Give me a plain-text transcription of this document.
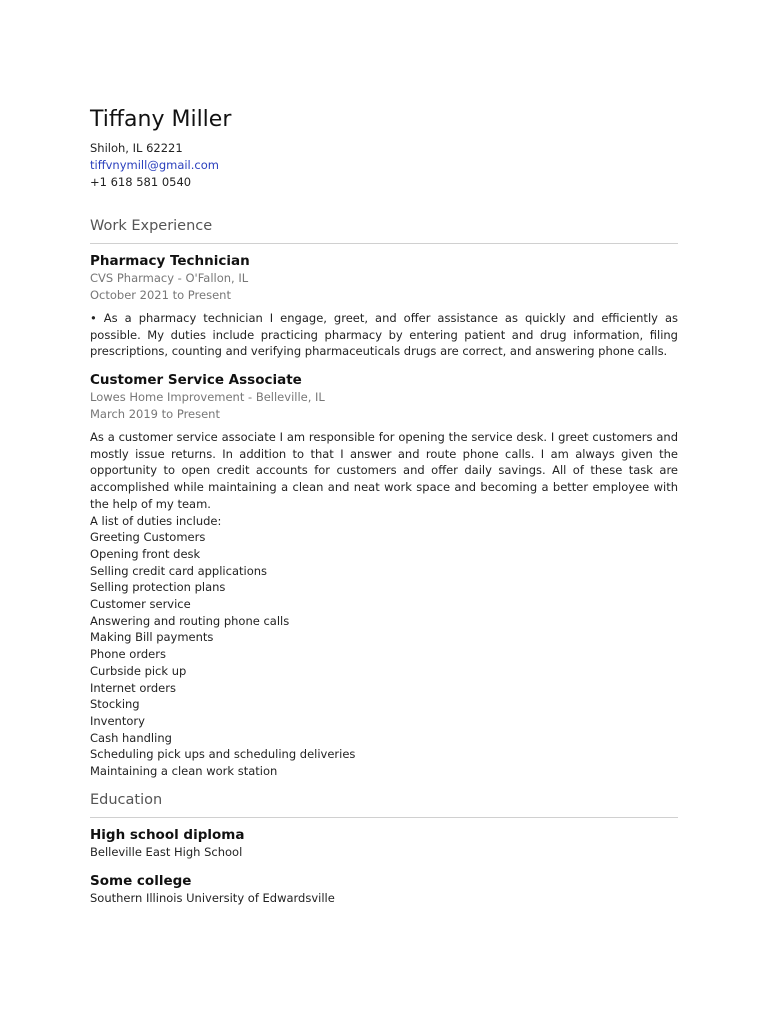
Tiffany Miller
Shiloh, IL 62221
tiffvnymill@gmail.com
+1 618 581 0540
Work Experience
Pharmacy Technician
CVS Pharmacy - O'Fallon, IL
October 2021 to Present
• As a pharmacy technician I engage, greet, and offer assistance as quickly and efficiently as possible. My duties include practicing pharmacy by entering patient and drug information, filing prescriptions, counting and verifying pharmaceuticals drugs are correct, and answering phone calls.
Customer Service Associate
Lowes Home Improvement - Belleville, IL
March 2019 to Present
As a customer service associate I am responsible for opening the service desk. I greet customers and mostly issue returns. In addition to that I answer and route phone calls. I am always given the opportunity to open credit accounts for customers and offer daily savings. All of these task are accomplished while maintaining a clean and neat work space and becoming a better employee with the help of my team.
A list of duties include:
Greeting Customers
Opening front desk
Selling credit card applications
Selling protection plans
Customer service
Answering and routing phone calls
Making Bill payments
Phone orders
Curbside pick up
Internet orders
Stocking
Inventory
Cash handling
Scheduling pick ups and scheduling deliveries
Maintaining a clean work station
Education
High school diploma
Belleville East High School
Some college
Southern Illinois University of Edwardsville
